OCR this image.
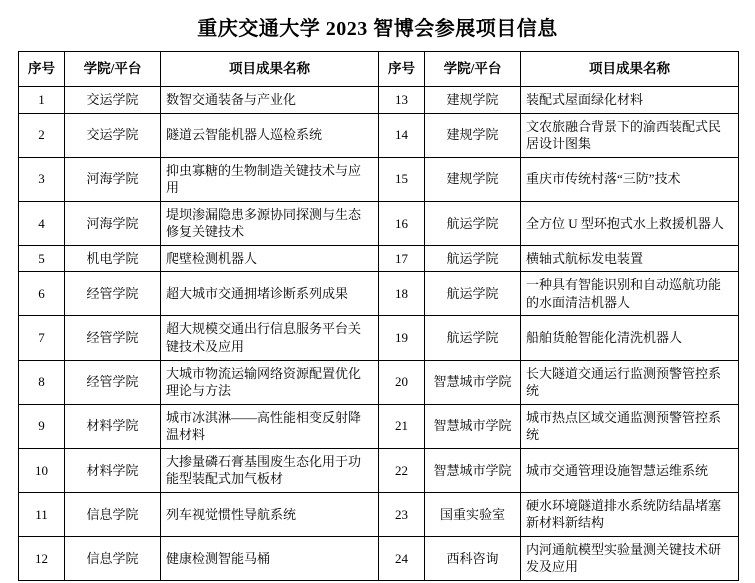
重庆交通大学 2023 智博会参展项目信息
序号	学院/平台	项目成果名称	序号	学院/平台	项目成果名称
1	交运学院	数智交通装备与产业化	13	建规学院	装配式屋面绿化材料
2	交运学院	隧道云智能机器人巡检系统	14	建规学院	文农旅融合背景下的渝西装配式民居设计图集
3	河海学院	抑虫寡糖的生物制造关键技术与应用	15	建规学院	重庆市传统村落“三防”技术
4	河海学院	堤坝渗漏隐患多源协同探测与生态修复关键技术	16	航运学院	全方位 U 型环抱式水上救援机器人
5	机电学院	爬壁检测机器人	17	航运学院	横轴式航标发电装置
6	经管学院	超大城市交通拥堵诊断系列成果	18	航运学院	一种具有智能识别和自动巡航功能的水面清洁机器人
7	经管学院	超大规模交通出行信息服务平台关键技术及应用	19	航运学院	船舶货舱智能化清洗机器人
8	经管学院	大城市物流运输网络资源配置优化理论与方法	20	智慧城市学院	长大隧道交通运行监测预警管控系统
9	材料学院	城市冰淇淋——高性能相变反射降温材料	21	智慧城市学院	城市热点区域交通监测预警管控系统
10	材料学院	大掺量磷石膏基围废生态化用于功能型装配式加气板材	22	智慧城市学院	城市交通管理设施智慧运维系统
11	信息学院	列车视觉惯性导航系统	23	国重实验室	硬水环境隧道排水系统防结晶堵塞新材料新结构
12	信息学院	健康检测智能马桶	24	西科咨询	内河通航模型实验量测关键技术研发及应用
